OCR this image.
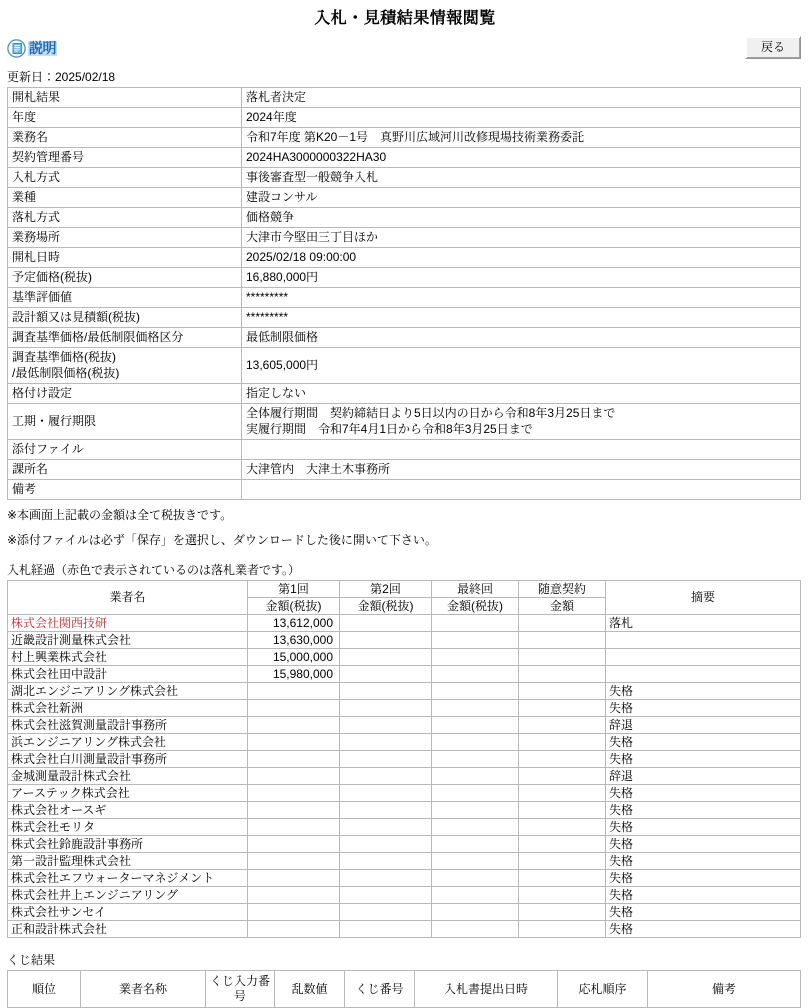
入札・見積結果情報閲覧
説明	戻る
更新日：2025/02/18
開札結果	落札者決定
年度	2024年度
業務名	令和7年度 第K20－1号　真野川広域河川改修現場技術業務委託
契約管理番号	2024HA3000000322HA30
入札方式	事後審査型一般競争入札
業種	建設コンサル
落札方式	価格競争
業務場所	大津市今堅田三丁目ほか
開札日時	2025/02/18 09:00:00
予定価格(税抜)	16,880,000円
基準評価値	*********
設計額又は見積額(税抜)	*********
調査基準価格/最低制限価格区分	最低制限価格
調査基準価格(税抜)
/最低制限価格(税抜)	13,605,000円
格付け設定	指定しない
工期・履行期限	全体履行期間　契約締結日より5日以内の日から令和8年3月25日まで
実履行期間　令和7年4月1日から令和8年3月25日まで
添付ファイル	
課所名	大津管内　大津土木事務所
備考	
※本画面上記載の金額は全て税抜きです。
※添付ファイルは必ず「保存」を選択し、ダウンロードした後に開いて下さい。
入札経過（赤色で表示されているのは落札業者です。）
業者名	第1回	第2回	最終回	随意契約	摘要
	金額(税抜)	金額(税抜)	金額(税抜)	金額	
株式会社関西技研	13,612,000				落札
近畿設計測量株式会社	13,630,000				
村上興業株式会社	15,000,000				
株式会社田中設計	15,980,000				
湖北エンジニアリング株式会社					失格
株式会社新洲					失格
株式会社滋賀測量設計事務所					辞退
浜エンジニアリング株式会社					失格
株式会社白川測量設計事務所					失格
金城測量設計株式会社					辞退
アーステック株式会社					失格
株式会社オースギ					失格
株式会社モリタ					失格
株式会社鈴鹿設計事務所					失格
第一設計監理株式会社					失格
株式会社エフウォーターマネジメント					失格
株式会社井上エンジニアリング					失格
株式会社サンセイ					失格
正和設計株式会社					失格
くじ結果
順位	業者名称	くじ入力番号	乱数値	くじ番号	入札書提出日時	応札順序	備考
